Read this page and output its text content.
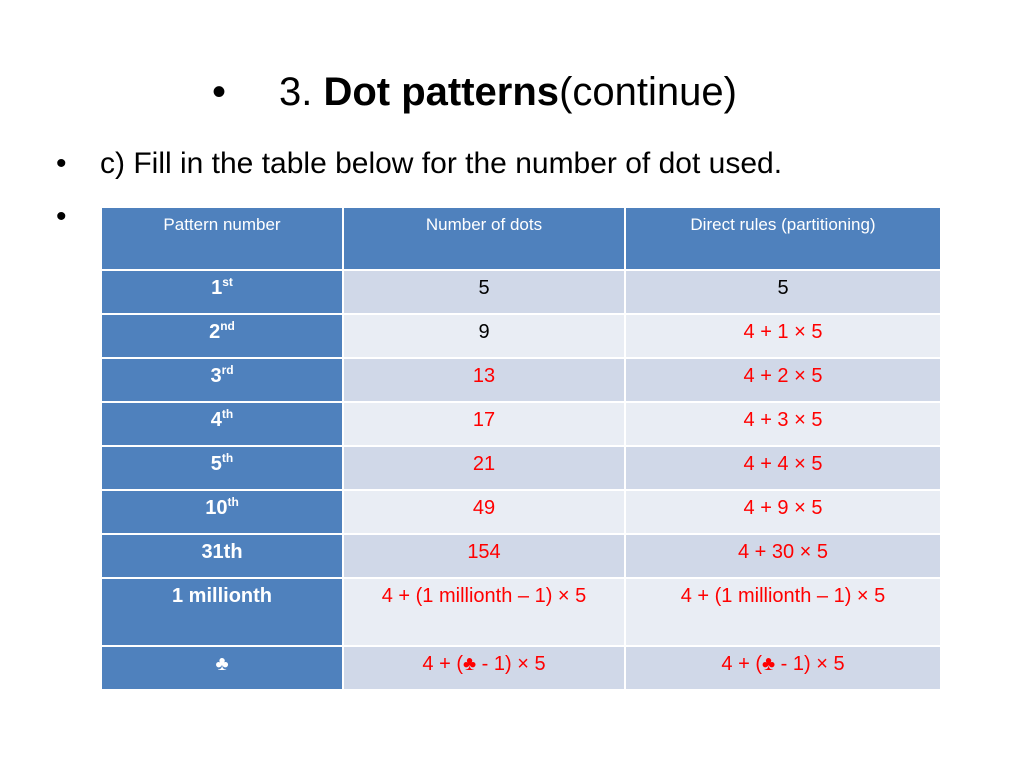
• 3. Dot patterns(continue)
• c) Fill in the table below for the number of dot used.
•	Pattern number	Number of dots	Direct rules (partitioning)
1st	5	5
2nd	9	4 + 1 × 5
3rd	13	4 + 2 × 5
4th	17	4 + 3 × 5
5th	21	4 + 4 × 5
10th	49	4 + 9 × 5
31th	154	4 + 30 × 5
1 millionth	4 + (1 millionth – 1) × 5	4 + (1 millionth – 1) × 5
♣	4 + (♣ - 1) × 5	4 + (♣ - 1) × 5
